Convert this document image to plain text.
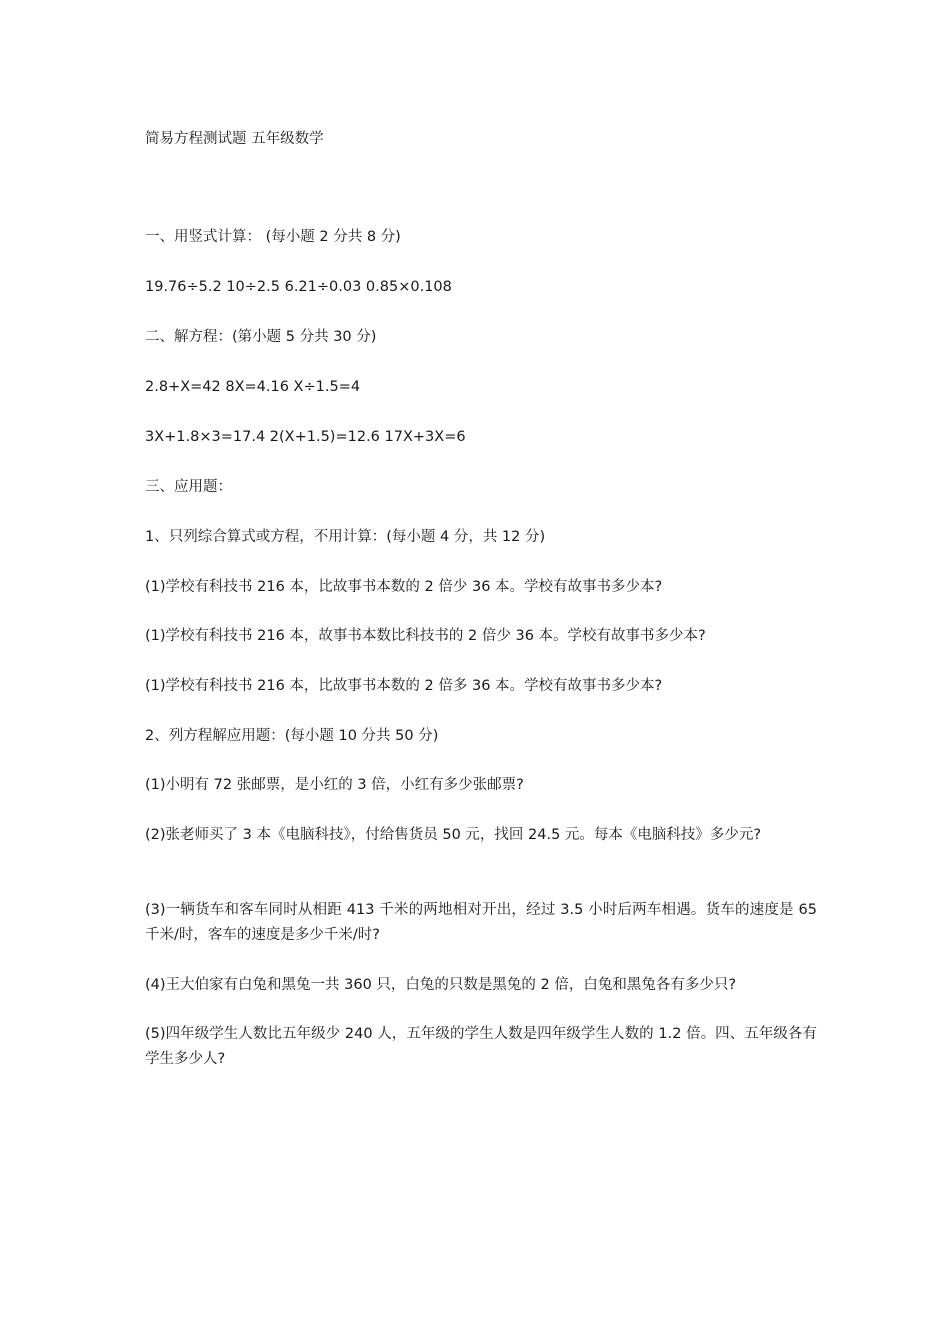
简易方程测试题 五年级数学

一、用竖式计算： (每小题 2 分共 8 分)

19.76÷5.2 10÷2.5 6.21÷0.03 0.85×0.108

二、解方程：(第小题 5 分共 30 分)

2.8+X=42 8X=4.16 X÷1.5=4

3X+1.8×3=17.4 2(X+1.5)=12.6 17X+3X=6

三、应用题：

1、只列综合算式或方程，不用计算：(每小题 4 分，共 12 分)

(1)学校有科技书 216 本，比故事书本数的 2 倍少 36 本。学校有故事书多少本?

(1)学校有科技书 216 本，故事书本数比科技书的 2 倍少 36 本。学校有故事书多少本?

(1)学校有科技书 216 本，比故事书本数的 2 倍多 36 本。学校有故事书多少本?

2、列方程解应用题：(每小题 10 分共 50 分)

(1)小明有 72 张邮票，是小红的 3 倍，小红有多少张邮票?

(2)张老师买了 3 本《电脑科技》，付给售货员 50 元，找回 24.5 元。每本《电脑科技》多少元?

(3)一辆货车和客车同时从相距 413 千米的两地相对开出，经过 3.5 小时后两车相遇。货车的速度是 65 千米/时，客车的速度是多少千米/时?

(4)王大伯家有白兔和黑兔一共 360 只，白兔的只数是黑兔的 2 倍，白兔和黑兔各有多少只?

(5)四年级学生人数比五年级少 240 人，五年级的学生人数是四年级学生人数的 1.2 倍。四、五年级各有学生多少人?
